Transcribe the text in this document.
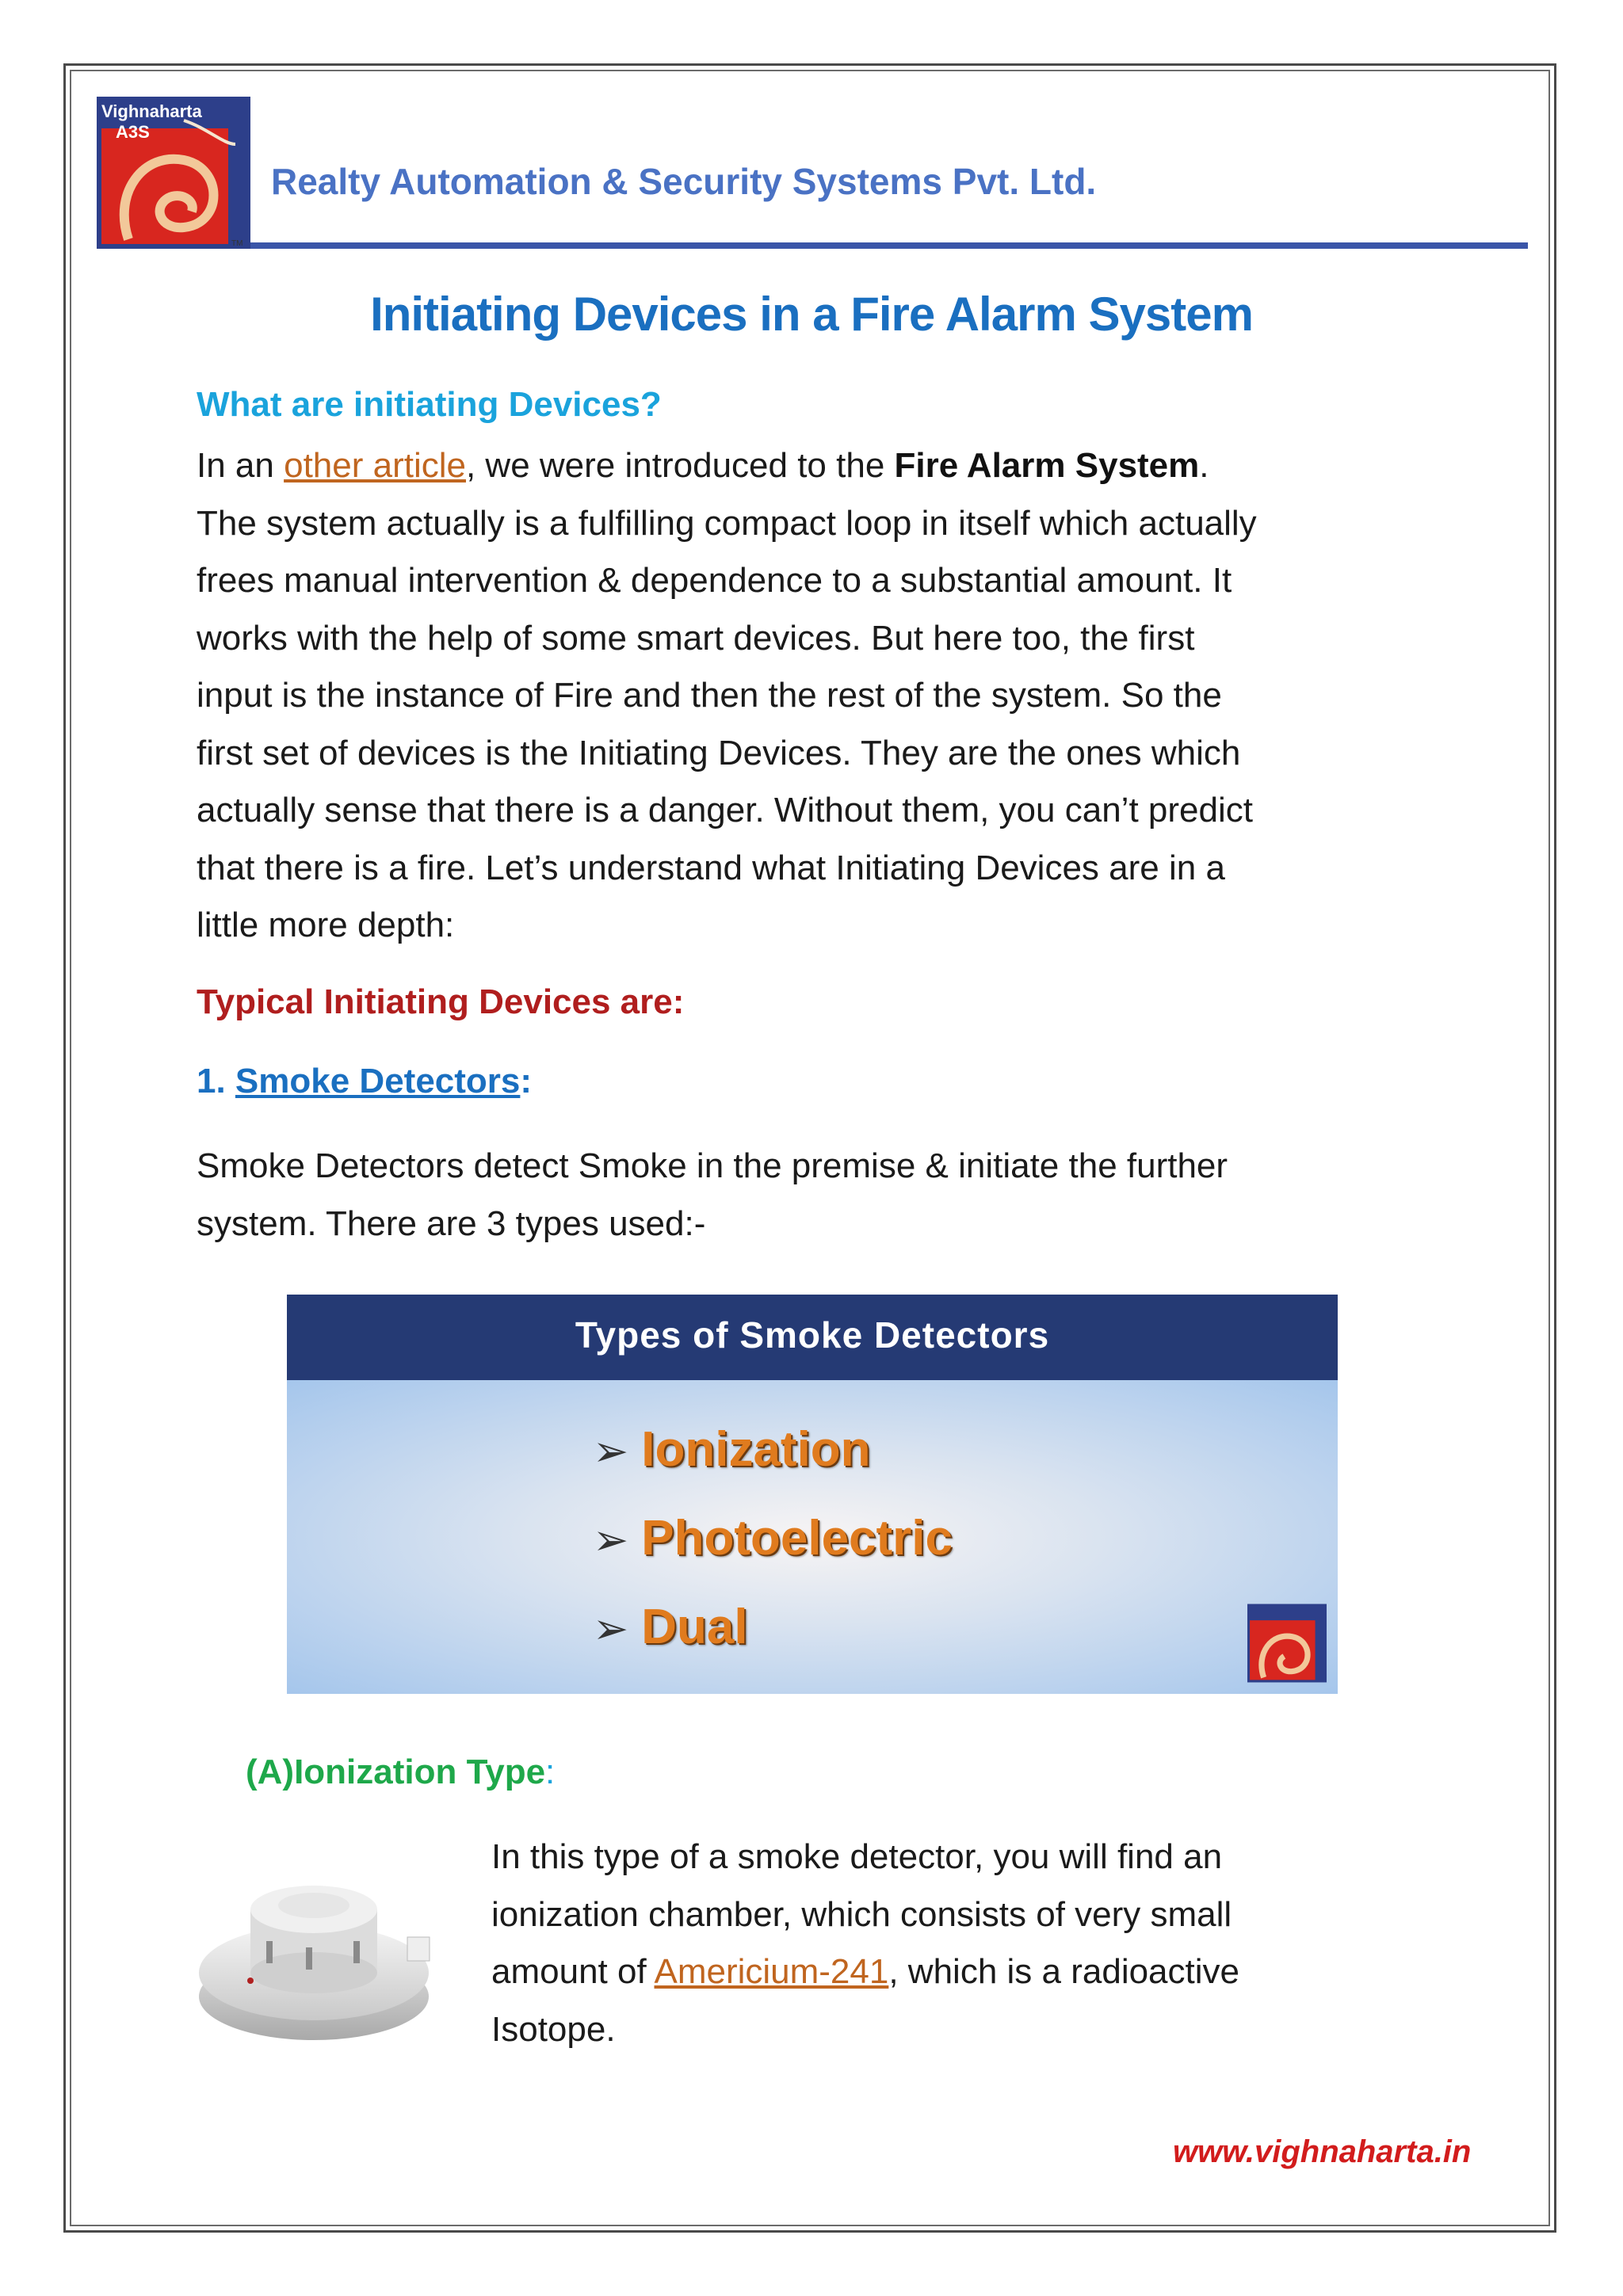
Vighnaharta
A3S
TM
Realty Automation & Security Systems Pvt. Ltd.
Initiating Devices in a Fire Alarm System
What are initiating Devices?
In an other article, we were introduced to the Fire Alarm System.
The system actually is a fulfilling compact loop in itself which actually
frees manual intervention & dependence to a substantial amount. It
works with the help of some smart devices. But here too, the first
input is the instance of Fire and then the rest of the system. So the
first set of devices is the Initiating Devices. They are the ones which
actually sense that there is a danger. Without them, you can’t predict
that there is a fire. Let’s understand what Initiating Devices are in a
little more depth:
Typical Initiating Devices are:
1. Smoke Detectors:
Smoke Detectors detect Smoke in the premise & initiate the further
system. There are 3 types used:-
Types of Smoke Detectors
➢ Ionization
➢ Photoelectric
➢ Dual
(A)Ionization Type:
In this type of a smoke detector, you will find an
ionization chamber, which consists of very small
amount of Americium-241, which is a radioactive
Isotope.
www.vighnaharta.in
